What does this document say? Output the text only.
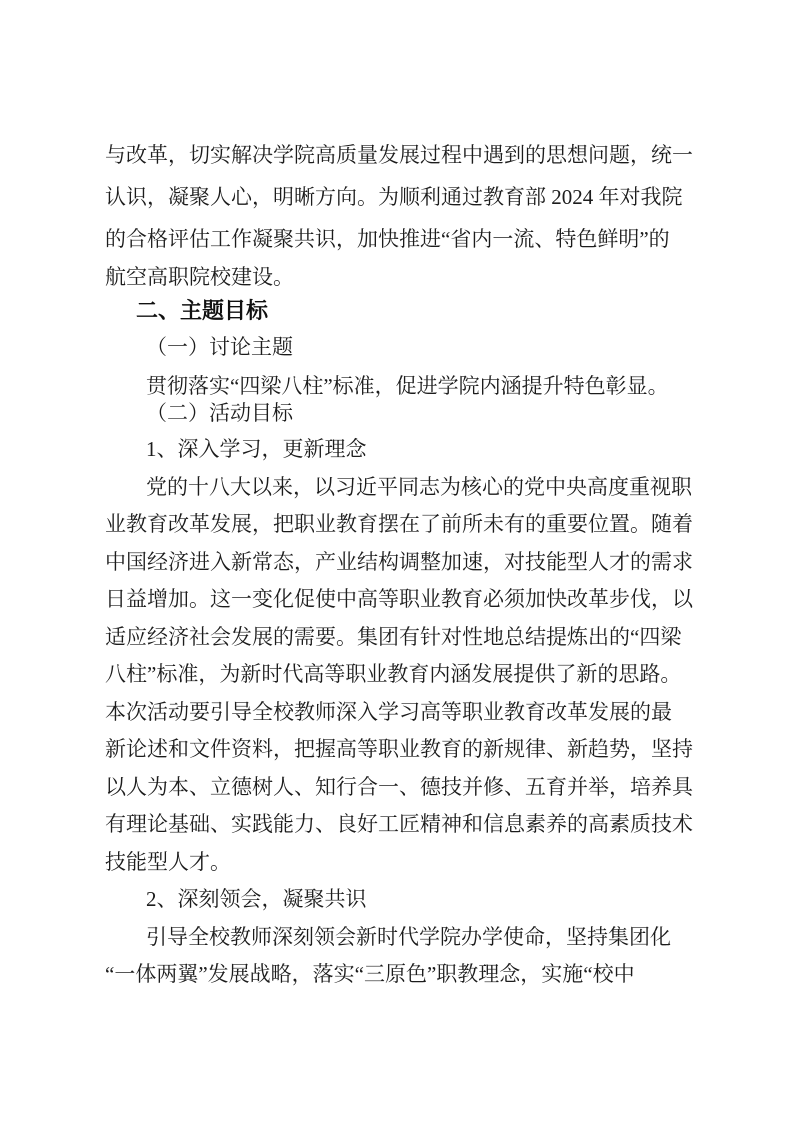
与改革，切实解决学院高质量发展过程中遇到的思想问题，统一
认识，凝聚人心，明晰方向。为顺利通过教育部 2024 年对我院
的合格评估工作凝聚共识，加快推进“省内一流、特色鲜明”的
航空高职院校建设。
二、主题目标
（一）讨论主题
贯彻落实“四梁八柱”标准，促进学院内涵提升特色彰显。
（二）活动目标
1、深入学习，更新理念
党的十八大以来，以习近平同志为核心的党中央高度重视职
业教育改革发展，把职业教育摆在了前所未有的重要位置。随着
中国经济进入新常态，产业结构调整加速，对技能型人才的需求
日益增加。这一变化促使中高等职业教育必须加快改革步伐，以
适应经济社会发展的需要。集团有针对性地总结提炼出的“四梁
八柱”标准，为新时代高等职业教育内涵发展提供了新的思路。
本次活动要引导全校教师深入学习高等职业教育改革发展的最
新论述和文件资料，把握高等职业教育的新规律、新趋势，坚持
以人为本、立德树人、知行合一、德技并修、五育并举，培养具
有理论基础、实践能力、良好工匠精神和信息素养的高素质技术
技能型人才。
2、深刻领会，凝聚共识
引导全校教师深刻领会新时代学院办学使命，坚持集团化
“一体两翼”发展战略，落实“三原色”职教理念，实施“校中
